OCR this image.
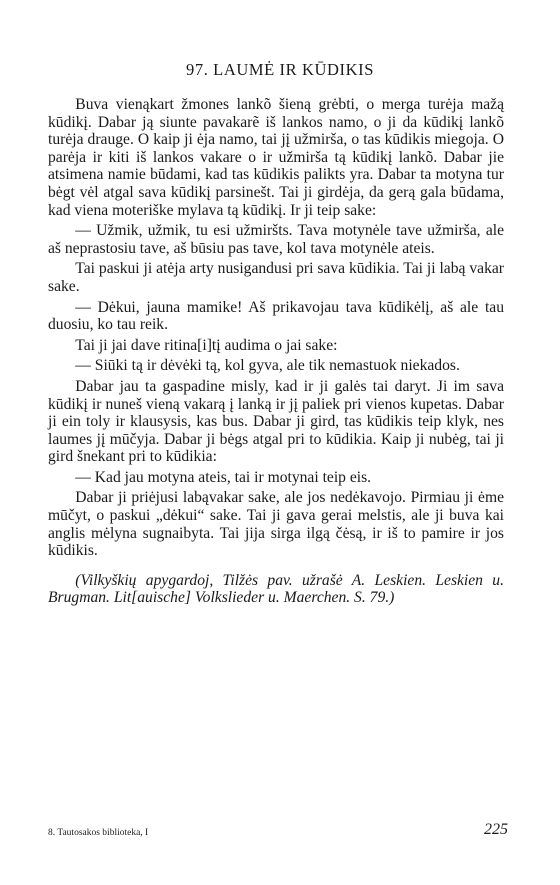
97. LAUMĖ IR KŪDIKIS

Buva vienąkart žmones lankõ šieną grėbti, o merga turėja mažą kūdikį. Dabar ją siunte pavakarẽ iš lankos namo, o ji da kūdikį lankõ turėja drauge. O kaip ji ėja namo, tai jį užmirša, o tas kūdikis miegoja. O parėja ir kiti iš lankos vakare o ir užmirša tą kūdikį lankõ. Dabar jie atsimena namie būdami, kad tas kūdikis palikts yra. Dabar ta motyna tur bėgt vėl atgal sava kūdikį parsinešt. Tai ji girdėja, da gerą gala būdama, kad viena moteriške mylava tą kūdikį. Ir ji teip sake:

— Užmik, užmik, tu esi užmiršts. Tava motynėle tave užmirša, ale aš neprastosiu tave, aš būsiu pas tave, kol tava motynėle ateis.

Tai paskui ji atėja arty nusigandusi pri sava kūdikia. Tai ji labą vakar sake.

— Dėkui, jauna mamike! Aš prikavojau tava kūdikėlį, aš ale tau duosiu, ko tau reik.

Tai ji jai dave ritina[i]tį audima o jai sake:

— Siūki tą ir dėvėki tą, kol gyva, ale tik nemastuok niekados.

Dabar jau ta gaspadine misly, kad ir ji galės tai daryt. Ji im sava kūdikį ir nuneš vieną vakarą į lanką ir jį paliek pri vienos kupetas. Dabar ji ein toly ir klausysis, kas bus. Dabar ji gird, tas kūdikis teip klyk, nes laumes jį mūčyja. Dabar ji bėgs atgal pri to kūdikia. Kaip ji nubėg, tai ji gird šnekant pri to kūdikia:

— Kad jau motyna ateis, tai ir motynai teip eis.

Dabar ji priėjusi labąvakar sake, ale jos nedėkavojo. Pirmiau ji ėme mūčyt, o paskui „dėkui“ sake. Tai ji gava gerai melstis, ale ji buva kai anglis mėlyna sugnaibyta. Tai jija sirga ilgą čėsą, ir iš to pamire ir jos kūdikis.

(Vilkyškių apygardoj, Tilžės pav. užrašė A. Leskien. Leskien u. Brugman. Lit[auische] Volkslieder u. Maerchen. S. 79.)

8. Tautosakos biblioteka, I	225
